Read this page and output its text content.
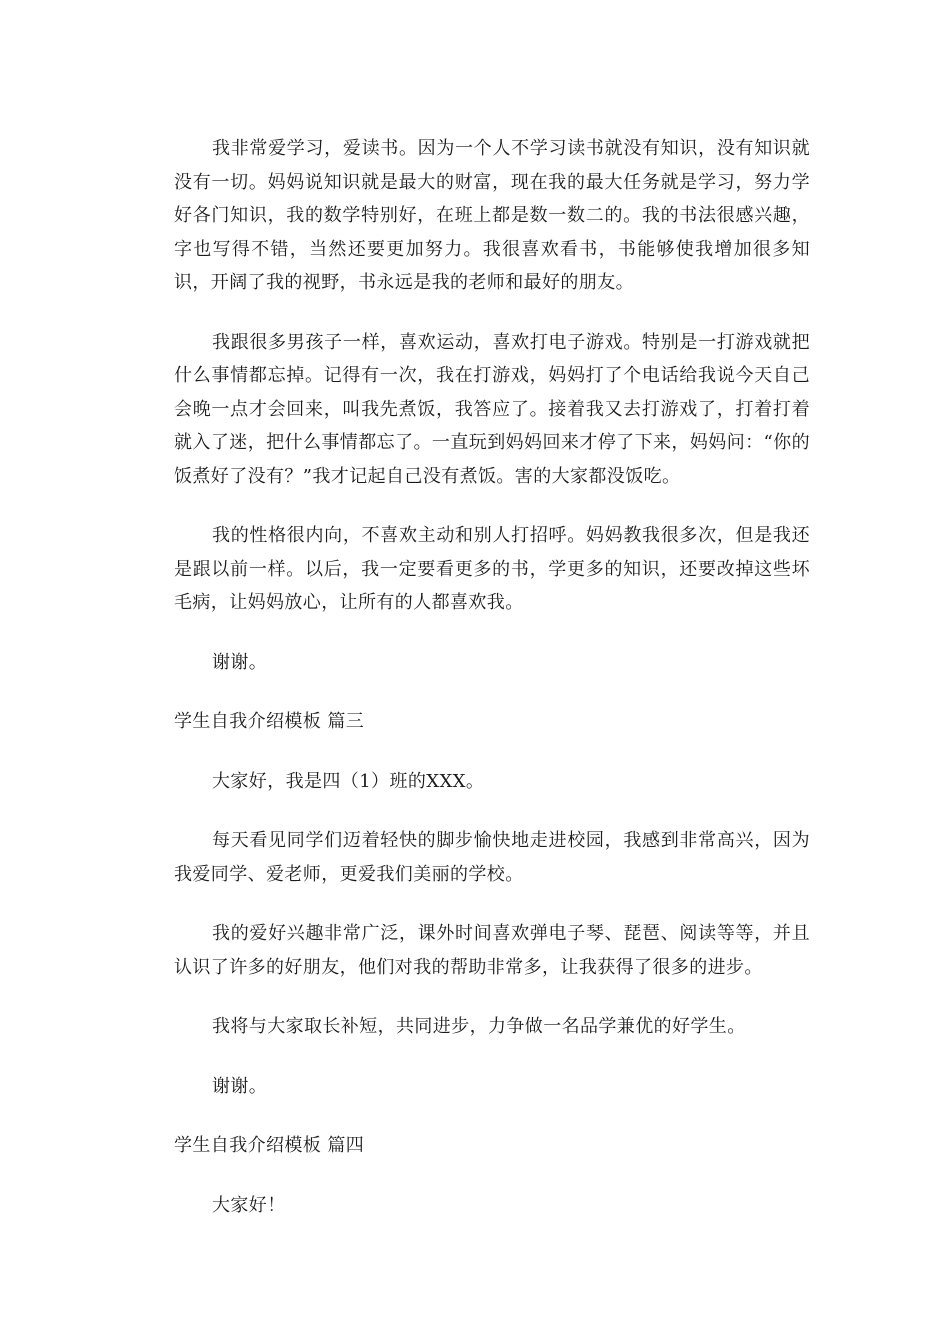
我非常爱学习，爱读书。因为一个人不学习读书就没有知识，没有知识就没有一切。妈妈说知识就是最大的财富，现在我的最大任务就是学习，努力学好各门知识，我的数学特别好，在班上都是数一数二的。我的书法很感兴趣，字也写得不错，当然还要更加努力。我很喜欢看书，书能够使我增加很多知识，开阔了我的视野，书永远是我的老师和最好的朋友。

我跟很多男孩子一样，喜欢运动，喜欢打电子游戏。特别是一打游戏就把什么事情都忘掉。记得有一次，我在打游戏，妈妈打了个电话给我说今天自己会晚一点才会回来，叫我先煮饭，我答应了。接着我又去打游戏了，打着打着就入了迷，把什么事情都忘了。一直玩到妈妈回来才停了下来，妈妈问：“你的饭煮好了没有？”我才记起自己没有煮饭。害的大家都没饭吃。

我的性格很内向，不喜欢主动和别人打招呼。妈妈教我很多次，但是我还是跟以前一样。以后，我一定要看更多的书，学更多的知识，还要改掉这些坏毛病，让妈妈放心，让所有的人都喜欢我。

谢谢。

学生自我介绍模板 篇三

大家好，我是四（1）班的XXX。

每天看见同学们迈着轻快的脚步愉快地走进校园，我感到非常高兴，因为我爱同学、爱老师，更爱我们美丽的学校。

我的爱好兴趣非常广泛，课外时间喜欢弹电子琴、琵琶、阅读等等，并且认识了许多的好朋友，他们对我的帮助非常多，让我获得了很多的进步。

我将与大家取长补短，共同进步，力争做一名品学兼优的好学生。

谢谢。

学生自我介绍模板 篇四

大家好！
